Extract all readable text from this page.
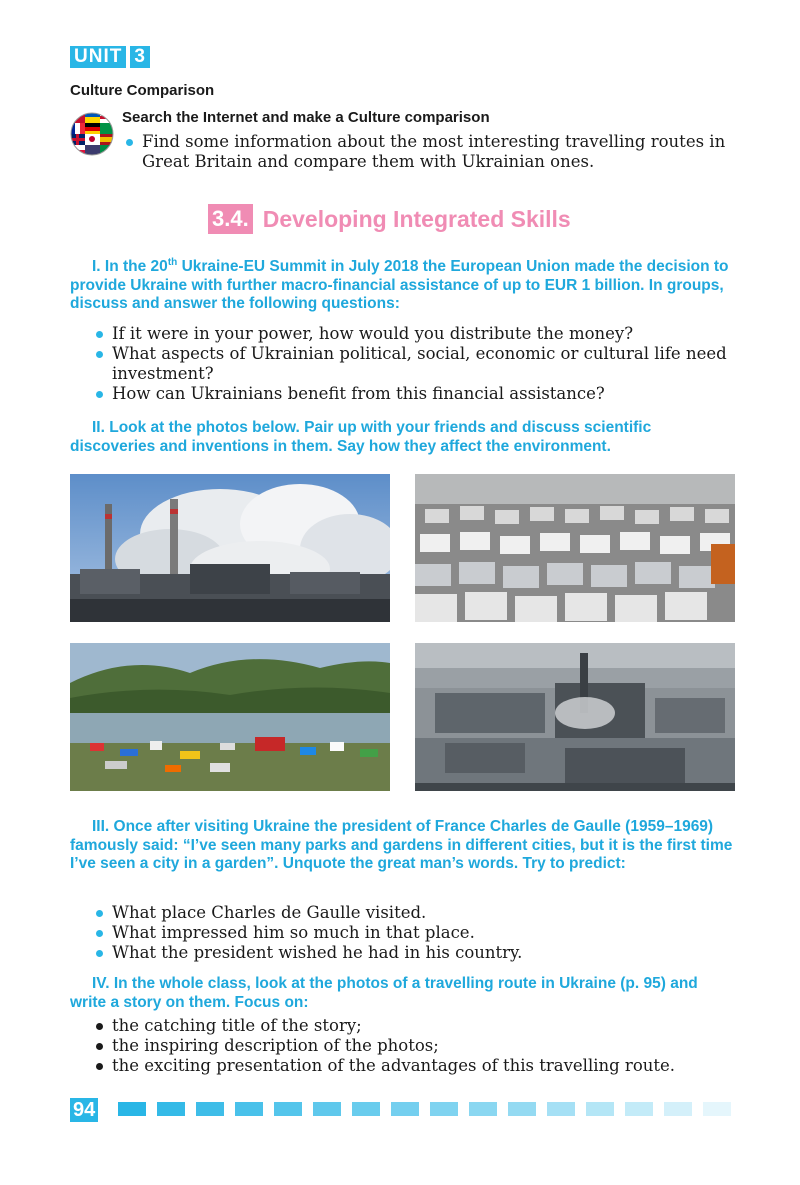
UNIT 3
Culture Comparison
Search the Internet and make a Culture comparison
Find some information about the most interesting travelling routes in Great Britain and compare them with Ukrainian ones.
3.4. Developing Integrated Skills
I. In the 20th Ukraine-EU Summit in July 2018 the European Union made the decision to provide Ukraine with further macro-financial assistance of up to EUR 1 billion. In groups, discuss and answer the following questions:
If it were in your power, how would you distribute the money?
What aspects of Ukrainian political, social, economic or cultural life need investment?
How can Ukrainians benefit from this financial assistance?
II. Look at the photos below. Pair up with your friends and discuss scientific discoveries and inventions in them. Say how they affect the environment.
III. Once after visiting Ukraine the president of France Charles de Gaulle (1959–1969) famously said: “I’ve seen many parks and gardens in different cities, but it is the first time I’ve seen a city in a garden”. Unquote the great man’s words. Try to predict:
What place Charles de Gaulle visited.
What impressed him so much in that place.
What the president wished he had in his country.
IV. In the whole class, look at the photos of a travelling route in Ukraine (p. 95) and write a story on them. Focus on:
the catching title of the story;
the inspiring description of the photos;
the exciting presentation of the advantages of this travelling route.
94
